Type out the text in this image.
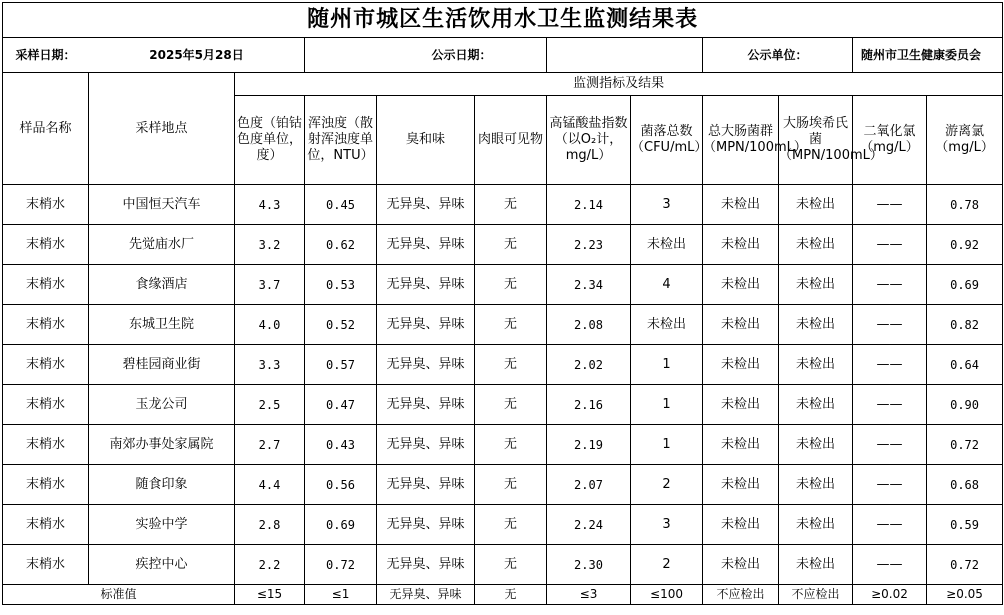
随州市城区生活饮用水卫生监测结果表											
采样日期：	2025年5月28日			公示日期：				公示单位：		随州市卫生健康委员会	
样品名称	采样地点	监测指标及结果									
		色度（铂钴色度单位，度）	浑浊度（散射浑浊度单位，NTU）	臭和味	肉眼可见物	高锰酸盐指数（以O₂计，mg/L）	菌落总数（CFU/mL）	总大肠菌群（MPN/100mL）	大肠埃希氏菌（MPN/100mL）	二氧化氯（mg/L）	游离氯（mg/L）
末梢水	中国恒天汽车	4.3	0.45	无异臭、异味	无	2.14	3	未检出	未检出	——	0.78
末梢水	先觉庙水厂	3.2	0.62	无异臭、异味	无	2.23	未检出	未检出	未检出	——	0.92
末梢水	食缘酒店	3.7	0.53	无异臭、异味	无	2.34	4	未检出	未检出	——	0.69
末梢水	东城卫生院	4.0	0.52	无异臭、异味	无	2.08	未检出	未检出	未检出	——	0.82
末梢水	碧桂园商业街	3.3	0.57	无异臭、异味	无	2.02	1	未检出	未检出	——	0.64
末梢水	玉龙公司	2.5	0.47	无异臭、异味	无	2.16	1	未检出	未检出	——	0.90
末梢水	南郊办事处家属院	2.7	0.43	无异臭、异味	无	2.19	1	未检出	未检出	——	0.72
末梢水	随食印象	4.4	0.56	无异臭、异味	无	2.07	2	未检出	未检出	——	0.68
末梢水	实验中学	2.8	0.69	无异臭、异味	无	2.24	3	未检出	未检出	——	0.59
末梢水	疾控中心	2.2	0.72	无异臭、异味	无	2.30	2	未检出	未检出	——	0.72
标准值		≤15	≤1	无异臭、异味	无	≤3	≤100	不应检出	不应检出	≥0.02	≥0.05
